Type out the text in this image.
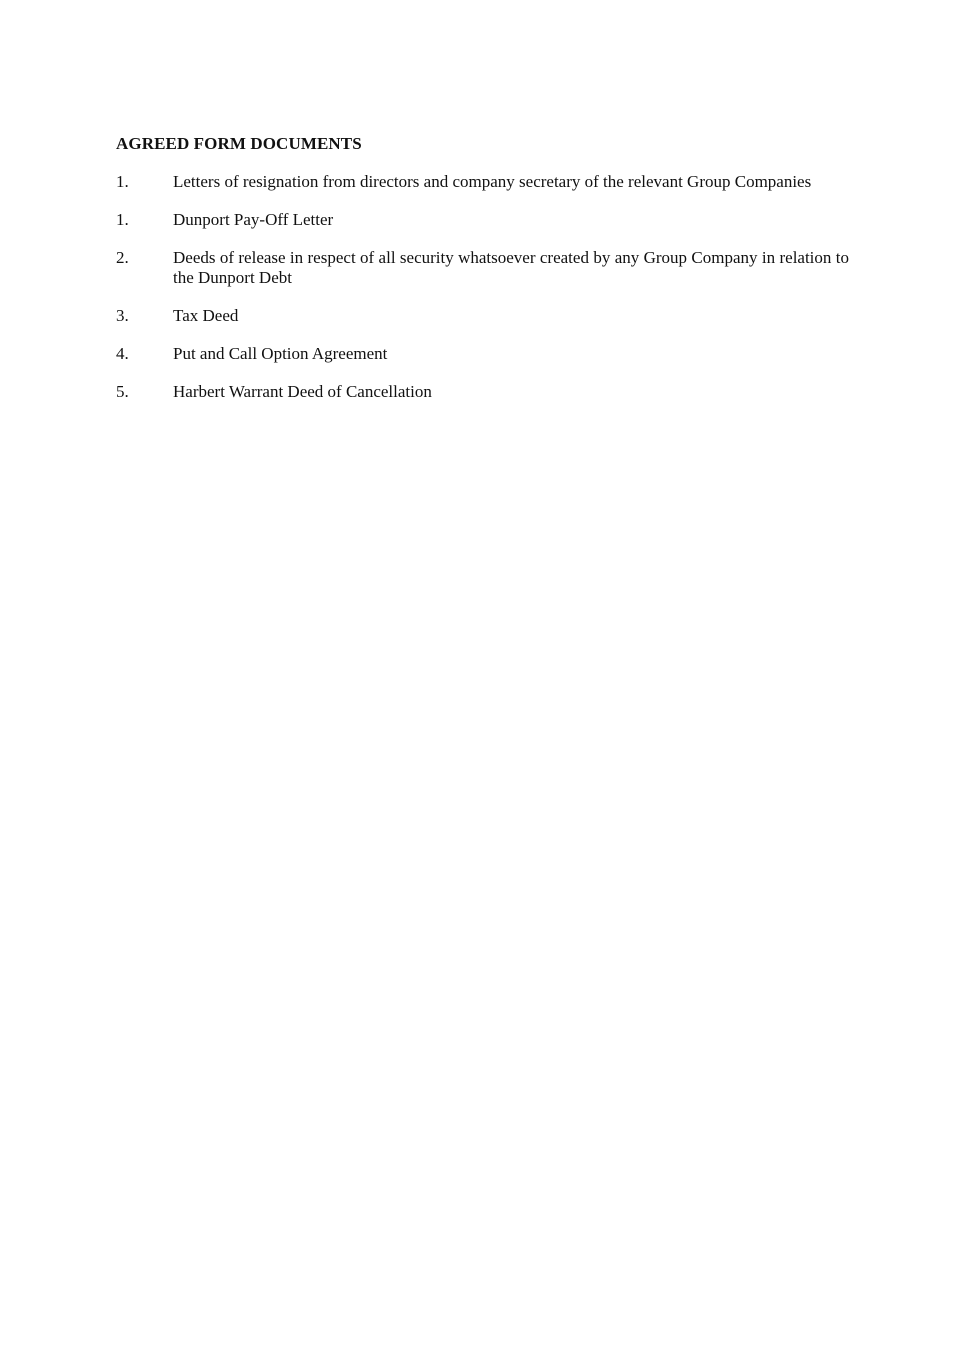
AGREED FORM DOCUMENTS
1.	Letters of resignation from directors and company secretary of the relevant Group Companies
1.	Dunport Pay-Off Letter
2.	Deeds of release in respect of all security whatsoever created by any Group Company in relation to the Dunport Debt
3.	Tax Deed
4.	Put and Call Option Agreement
5.	Harbert Warrant Deed of Cancellation
